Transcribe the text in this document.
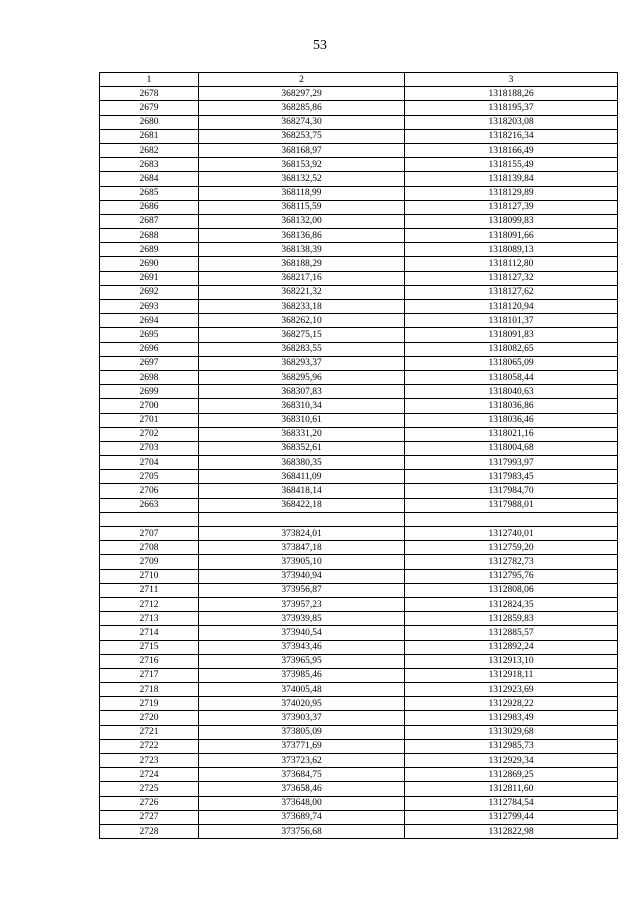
53
1	2	3
2678	368297,29	1318188,26
2679	368285,86	1318195,37
2680	368274,30	1318203,08
2681	368253,75	1318216,34
2682	368168,97	1318166,49
2683	368153,92	1318155,49
2684	368132,52	1318139,84
2685	368118,99	1318129,89
2686	368115,59	1318127,39
2687	368132,00	1318099,83
2688	368136,86	1318091,66
2689	368138,39	1318089,13
2690	368188,29	1318112,80
2691	368217,16	1318127,32
2692	368221,32	1318127,62
2693	368233,18	1318120,94
2694	368262,10	1318101,37
2695	368275,15	1318091,83
2696	368283,55	1318082,65
2697	368293,37	1318065,09
2698	368295,96	1318058,44
2699	368307,83	1318040,63
2700	368310,34	1318036,86
2701	368310,61	1318036,46
2702	368331,20	1318021,16
2703	368352,61	1318004,68
2704	368380,35	1317993,97
2705	368411,09	1317983,45
2706	368418,14	1317984,70
2663	368422,18	1317988,01

2707	373824,01	1312740,01
2708	373847,18	1312759,20
2709	373905,10	1312782,73
2710	373940,94	1312795,76
2711	373956,87	1312808,06
2712	373957,23	1312824,35
2713	373939,85	1312859,83
2714	373940,54	1312885,57
2715	373943,46	1312892,24
2716	373965,95	1312913,10
2717	373985,46	1312918,11
2718	374005,48	1312923,69
2719	374020,95	1312928,22
2720	373903,37	1312983,49
2721	373805,09	1313029,68
2722	373771,69	1312985,73
2723	373723,62	1312929,34
2724	373684,75	1312869,25
2725	373658,46	1312811,60
2726	373648,00	1312784,54
2727	373689,74	1312799,44
2728	373756,68	1312822,98
